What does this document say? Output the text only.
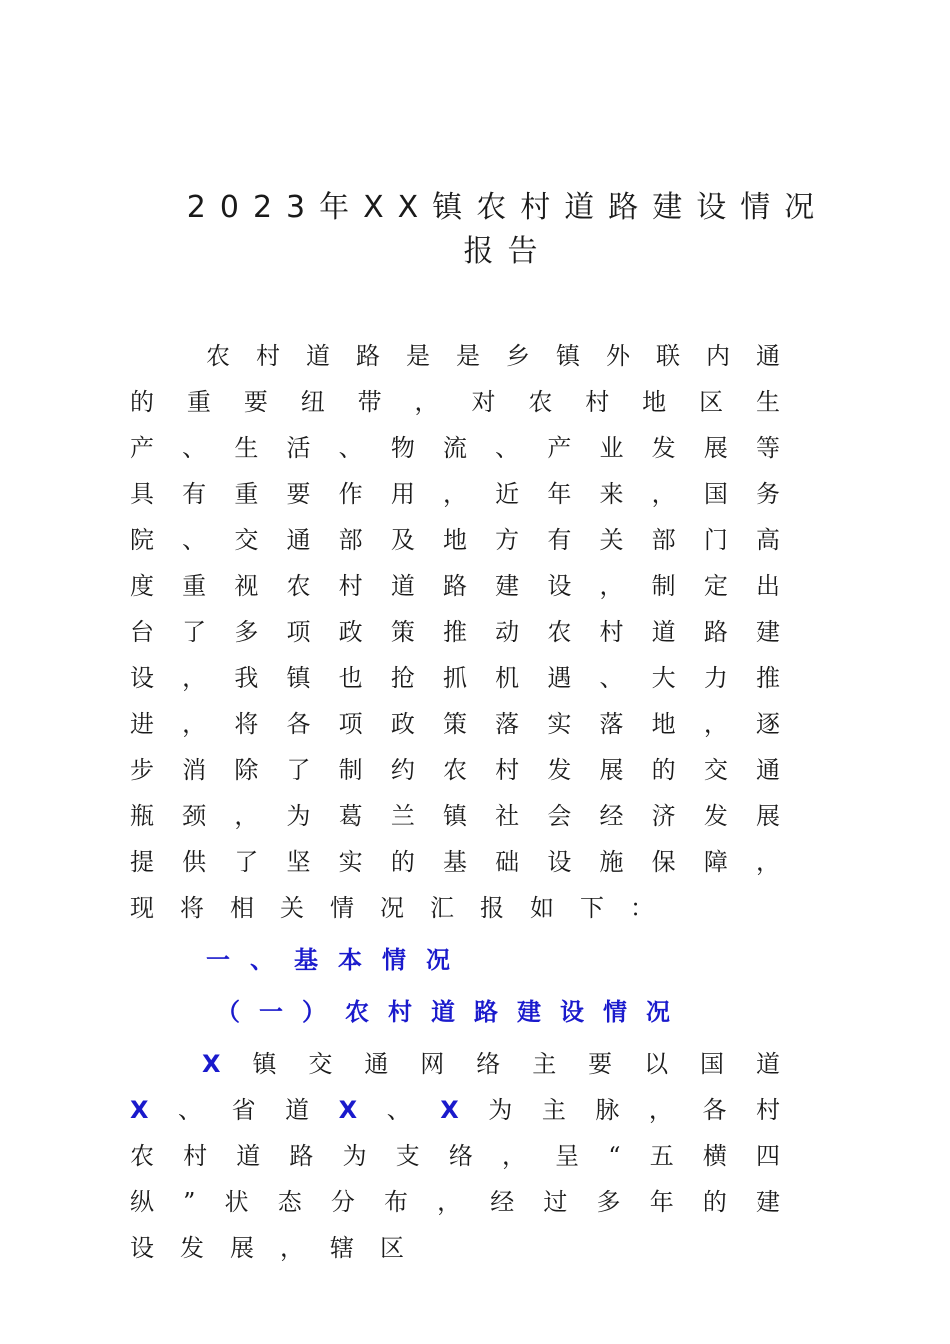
2023年XX镇农村道路建设情况报告

农村道路是是乡镇外联内通的重要纽带，对农村地区生产、生活、物流、产业发展等具有重要作用，近年来，国务院、交通部及地方有关部门高度重视农村道路建设，制定出台了多项政策推动农村道路建设，我镇也抢抓机遇、大力推进，将各项政策落实落地，逐步消除了制约农村发展的交通瓶颈，为葛兰镇社会经济发展提供了坚实的基础设施保障，现将相关情况汇报如下：

一、基本情况
（一）农村道路建设情况

X镇交通网络主要以国道X、省道X、X为主脉，各村农村道路为支络，呈“五横四纵”状态分布，经过多年的建设发展，辖区
